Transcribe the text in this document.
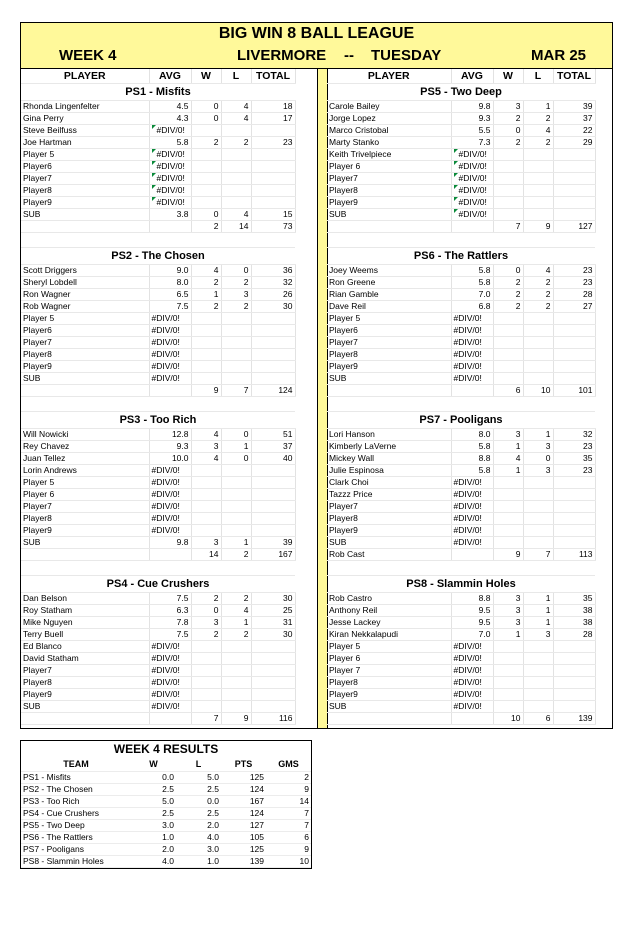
BIG WIN 8 BALL LEAGUE
WEEK 4	LIVERMORE -- TUESDAY	MAR 25
PLAYER	AVG	W	L	TOTAL
PS1 - Misfits				
Rhonda Lingenfelter	4.5	0	4	18
Gina Perry	4.3	0	4	17
Steve Beilfuss	#DIV/0!			
Joe Hartman	5.8	2	2	23
Player 5	#DIV/0!			
Player6	#DIV/0!			
Player7	#DIV/0!			
Player8	#DIV/0!			
Player9	#DIV/0!			
SUB	3.8	0	4	15
		2	14	73

PS2 - The Chosen				
Scott Driggers	9.0	4	0	36
Sheryl Lobdell	8.0	2	2	32
Ron Wagner	6.5	1	3	26
Rob Wagner	7.5	2	2	30
Player 5	#DIV/0!			
Player6	#DIV/0!			
Player7	#DIV/0!			
Player8	#DIV/0!			
Player9	#DIV/0!			
SUB	#DIV/0!			
		9	7	124

PS3 - Too Rich				
Will Nowicki	12.8	4	0	51
Rey Chavez	9.3	3	1	37
Juan Tellez	10.0	4	0	40
Lorin Andrews	#DIV/0!			
Player 5	#DIV/0!			
Player 6	#DIV/0!			
Player7	#DIV/0!			
Player8	#DIV/0!			
Player9	#DIV/0!			
SUB	9.8	3	1	39
		14	2	167

PS4 - Cue Crushers				
Dan Belson	7.5	2	2	30
Roy Statham	6.3	0	4	25
Mike Nguyen	7.8	3	1	31
Terry Buell	7.5	2	2	30
Ed Blanco	#DIV/0!			
David Statham	#DIV/0!			
Player7	#DIV/0!			
Player8	#DIV/0!			
Player9	#DIV/0!			
SUB	#DIV/0!			
		7	9	116
PLAYER	AVG	W	L	TOTAL
PS5 - Two Deep				
Carole Bailey	9.8	3	1	39
Jorge Lopez	9.3	2	2	37
Marco Cristobal	5.5	0	4	22
Marty Stanko	7.3	2	2	29
Keith Trivelpiece	#DIV/0!			
Player 6	#DIV/0!			
Player7	#DIV/0!			
Player8	#DIV/0!			
Player9	#DIV/0!			
SUB	#DIV/0!			
		7	9	127

PS6 - The Rattlers				
Joey Weems	5.8	0	4	23
Ron Greene	5.8	2	2	23
Rian Gamble	7.0	2	2	28
Dave Reil	6.8	2	2	27
Player 5	#DIV/0!			
Player6	#DIV/0!			
Player7	#DIV/0!			
Player8	#DIV/0!			
Player9	#DIV/0!			
SUB	#DIV/0!			
		6	10	101

PS7 - Pooligans				
Lori Hanson	8.0	3	1	32
Kimberly LaVerne	5.8	1	3	23
Mickey Wall	8.8	4	0	35
Julie Espinosa	5.8	1	3	23
Clark Choi	#DIV/0!			
Tazzz Price	#DIV/0!			
Player7	#DIV/0!			
Player8	#DIV/0!			
Player9	#DIV/0!			
SUB	#DIV/0!			
Rob Cast		9	7	113

PS8 - Slammin Holes				
Rob Castro	8.8	3	1	35
Anthony Reil	9.5	3	1	38
Jesse Lackey	9.5	3	1	38
Kiran Nekkalapudi	7.0	1	3	28
Player 5	#DIV/0!			
Player 6	#DIV/0!			
Player 7	#DIV/0!			
Player8	#DIV/0!			
Player9	#DIV/0!			
SUB	#DIV/0!			
		10	6	139
WEEK 4 RESULTS
TEAM	W	L	PTS	GMS
PS1 - Misfits	0.0	5.0	125	2
PS2 - The Chosen	2.5	2.5	124	9
PS3 - Too Rich	5.0	0.0	167	14
PS4 - Cue Crushers	2.5	2.5	124	7
PS5 - Two Deep	3.0	2.0	127	7
PS6 - The Rattlers	1.0	4.0	105	6
PS7 - Pooligans	2.0	3.0	125	9
PS8 - Slammin Holes	4.0	1.0	139	10
